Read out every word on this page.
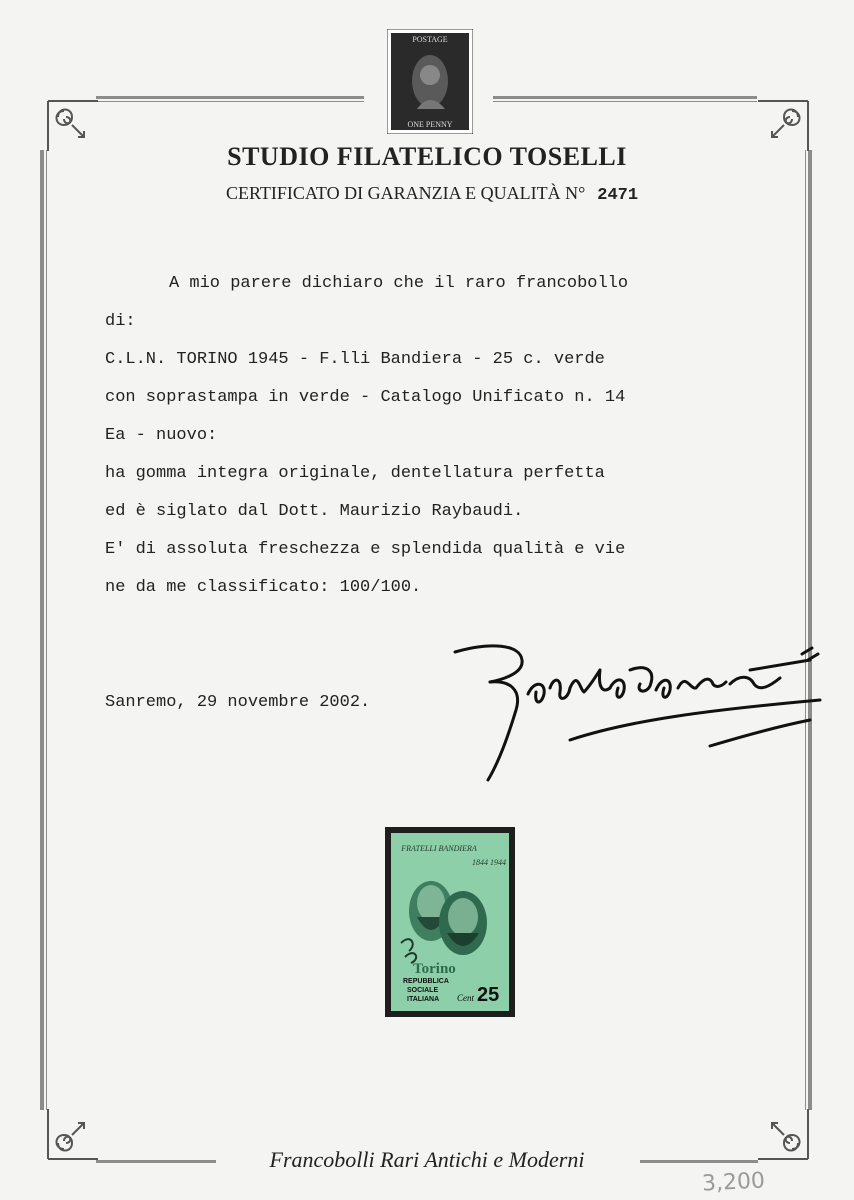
POSTAGE
ONE PENNY
STUDIO FILATELICO TOSELLI
CERTIFICATO DI GARANZIA E QUALITÀ N° 2471
A mio parere dichiaro che il raro francobollo
di:
C.L.N. TORINO 1945 - F.lli Bandiera - 25 c. verde
con soprastampa in verde - Catalogo Unificato n. 14
Ea - nuovo:
ha gomma integra originale, dentellatura perfetta
ed è siglato dal Dott. Maurizio Raybaudi.
E' di assoluta freschezza e splendida qualità e vie
ne da me classificato: 100/100.
Sanremo, 29 novembre 2002.
FRATELLI BANDIERA
1844 1944
Torino
REPUBBLICA
SOCIALE
ITALIANA Cent 25
Francobolli Rari Antichi e Moderni
3,200
